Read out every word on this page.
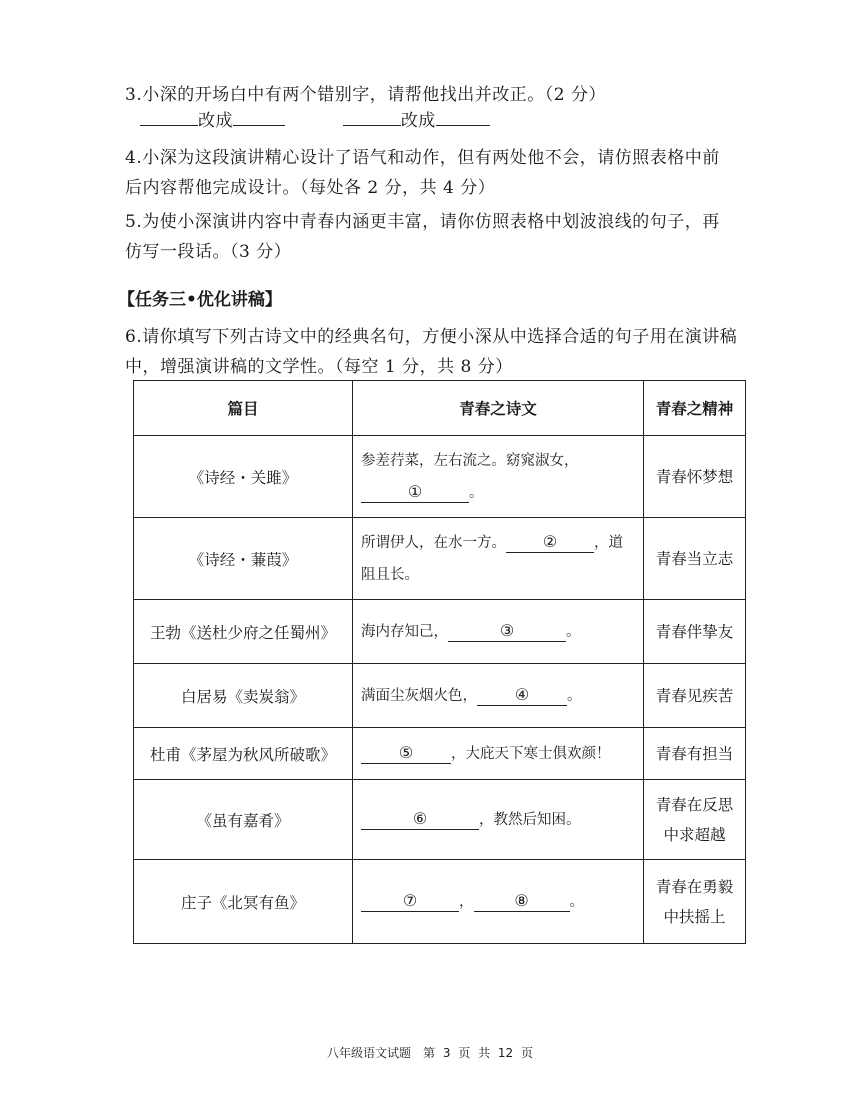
3.小深的开场白中有两个错别字，请帮他找出并改正。（2 分）
改成	改成
4.小深为这段演讲精心设计了语气和动作，但有两处他不会，请仿照表格中前后内容帮他完成设计。（每处各 2 分，共 4 分）
5.为使小深演讲内容中青春内涵更丰富，请你仿照表格中划波浪线的句子，再仿写一段话。（3 分）
【任务三•优化讲稿】
6.请你填写下列古诗文中的经典名句，方便小深从中选择合适的句子用在演讲稿中，增强演讲稿的文学性。（每空 1 分，共 8 分）
篇目	青春之诗文	青春之精神
《诗经・关雎》	参差荇菜，左右流之。窈窕淑女，① 。	青春怀梦想
《诗经・蒹葭》	所谓伊人，在水一方。 ② ，道阻且长。	青春当立志
王勃《送杜少府之任蜀州》	海内存知己， ③ 。	青春伴挚友
白居易《卖炭翁》	满面尘灰烟火色， ④ 。	青春见疾苦
杜甫《茅屋为秋风所破歌》	⑤ ，大庇天下寒士俱欢颜！	青春有担当
《虽有嘉肴》	⑥ ，教然后知困。	青春在反思中求超越
庄子《北冥有鱼》	⑦ ， ⑧ 。	青春在勇毅中扶摇上
八年级语文试题　第 3 页 共 12 页
